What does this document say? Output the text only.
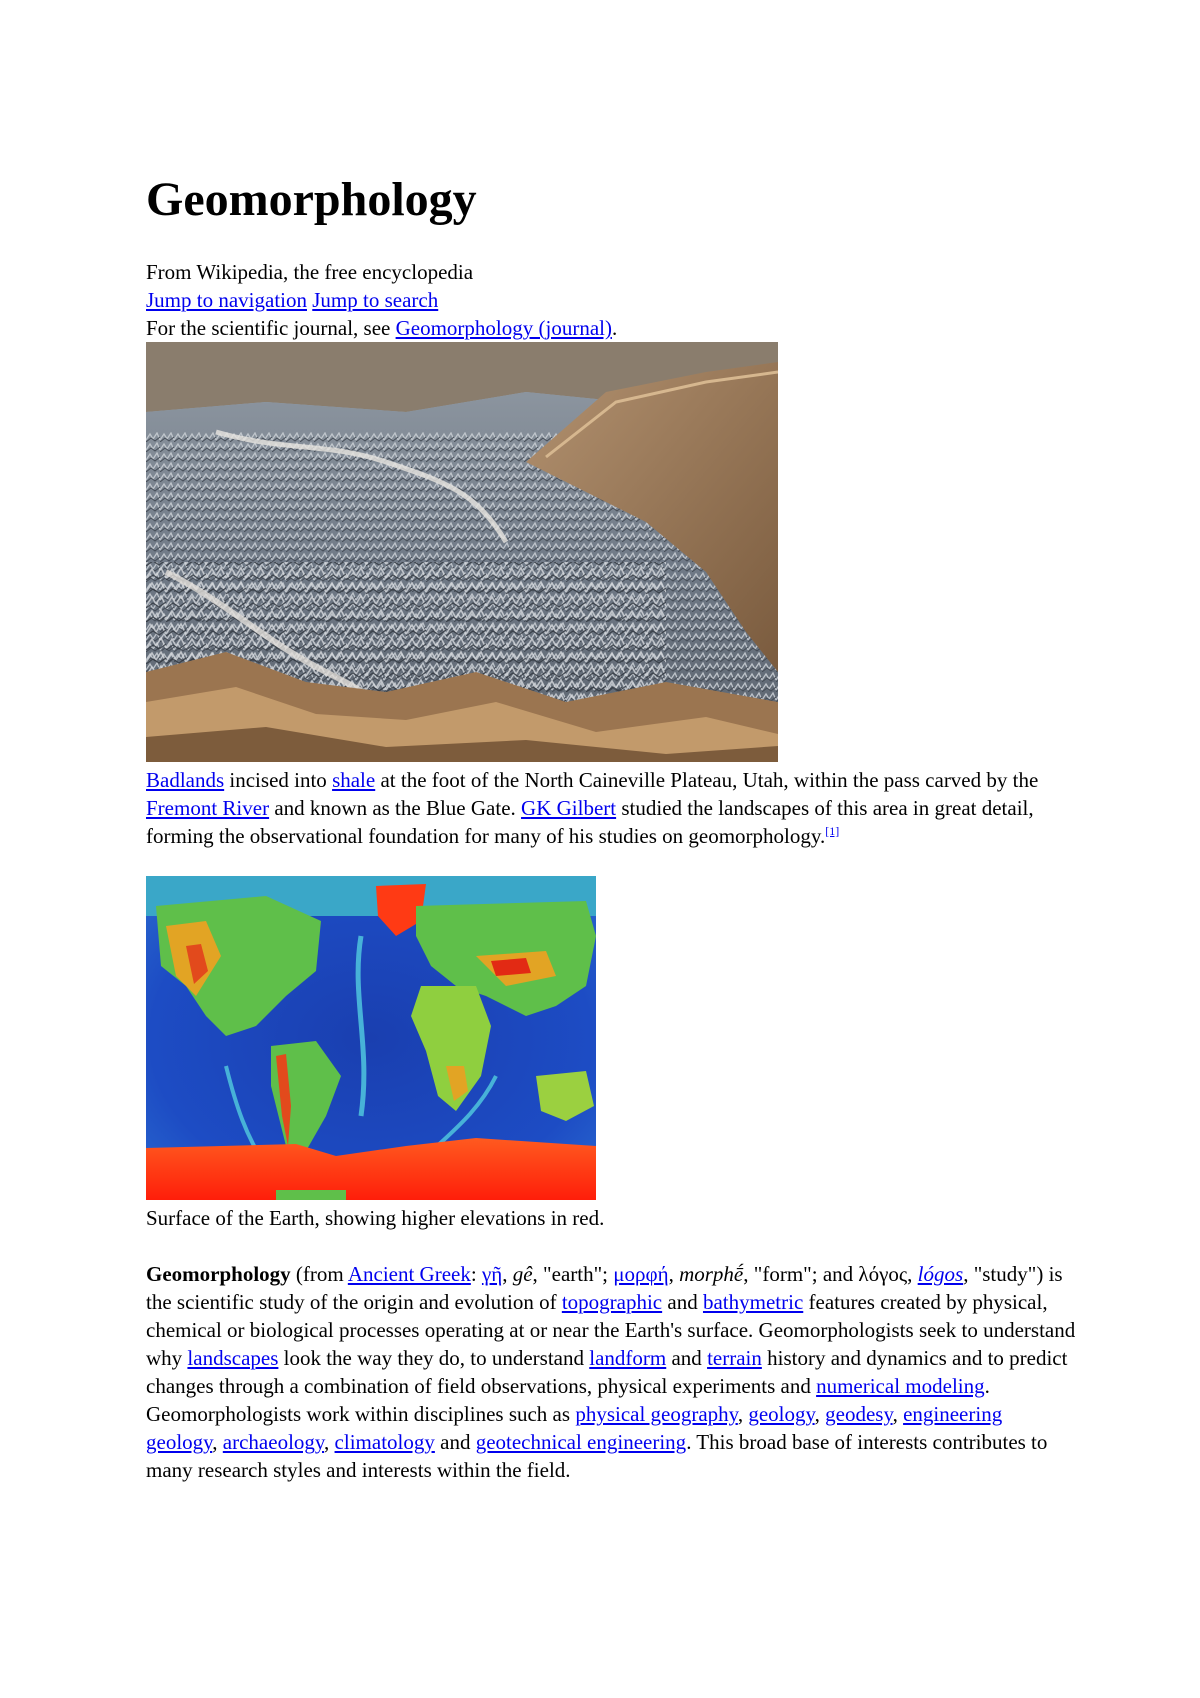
Geomorphology
From Wikipedia, the free encyclopedia
Jump to navigation Jump to search
For the scientific journal, see Geomorphology (journal).
Badlands incised into shale at the foot of the North Caineville Plateau, Utah, within the pass carved by the Fremont River and known as the Blue Gate. GK Gilbert studied the landscapes of this area in great detail, forming the observational foundation for many of his studies on geomorphology.[1]
Surface of the Earth, showing higher elevations in red.
Geomorphology (from Ancient Greek: γῆ, gê, "earth"; μορφή, morphḗ, "form"; and λόγος, lógos, "study") is the scientific study of the origin and evolution of topographic and bathymetric features created by physical, chemical or biological processes operating at or near the Earth's surface. Geomorphologists seek to understand why landscapes look the way they do, to understand landform and terrain history and dynamics and to predict changes through a combination of field observations, physical experiments and numerical modeling. Geomorphologists work within disciplines such as physical geography, geology, geodesy, engineering geology, archaeology, climatology and geotechnical engineering. This broad base of interests contributes to many research styles and interests within the field.
